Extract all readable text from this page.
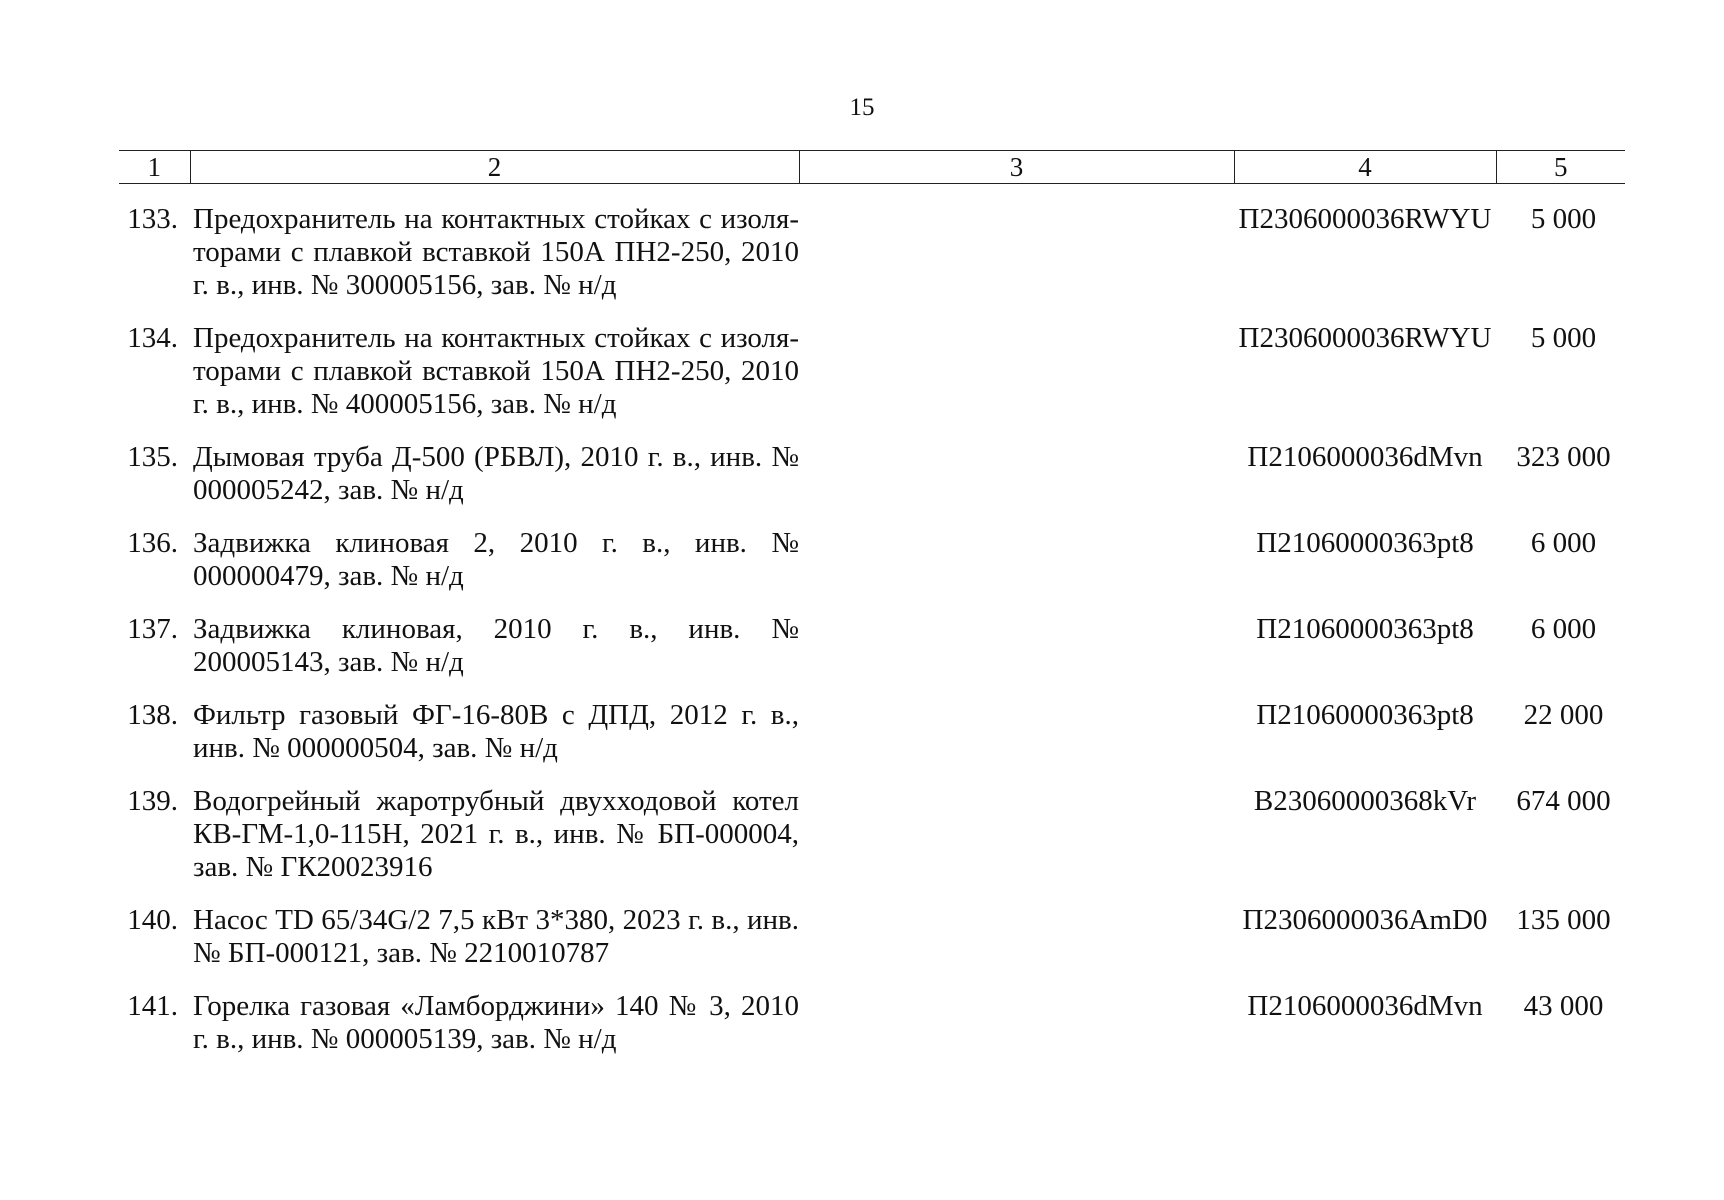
15
1	2	3	4	5
133.	Предохранитель на контактных стойках с изоля-торами с плавкой вставкой 150А ПН2-250, 2010 г. в., инв. № 300005156, зав. № н/д		П2306000036RWYU	5 000
134.	Предохранитель на контактных стойках с изоля-торами с плавкой вставкой 150А ПН2-250, 2010 г. в., инв. № 400005156, зав. № н/д		П2306000036RWYU	5 000
135.	Дымовая труба Д-500 (РБВЛ), 2010 г. в., инв. № 000005242, зав. № н/д		П2106000036dMvn	323 000
136.	Задвижка клиновая 2, 2010 г. в., инв. № 000000479, зав. № н/д		П21060000363pt8	6 000
137.	Задвижка клиновая, 2010 г. в., инв. № 200005143, зав. № н/д		П21060000363pt8	6 000
138.	Фильтр газовый ФГ-16-80В с ДПД, 2012 г. в., инв. № 000000504, зав. № н/д		П21060000363pt8	22 000
139.	Водогрейный жаротрубный двухходовой котел КВ-ГМ-1,0-115Н, 2021 г. в., инв. № БП-000004, зав. № ГК20023916		В23060000368kVr	674 000
140.	Насос TD 65/34G/2 7,5 кВт 3*380, 2023 г. в., инв. № БП-000121, зав. № 2210010787		П2306000036AmD0	135 000
141.	Горелка газовая «Ламборджини» 140 № 3, 2010 г. в., инв. № 000005139, зав. № н/д		П2106000036dMvn	43 000
